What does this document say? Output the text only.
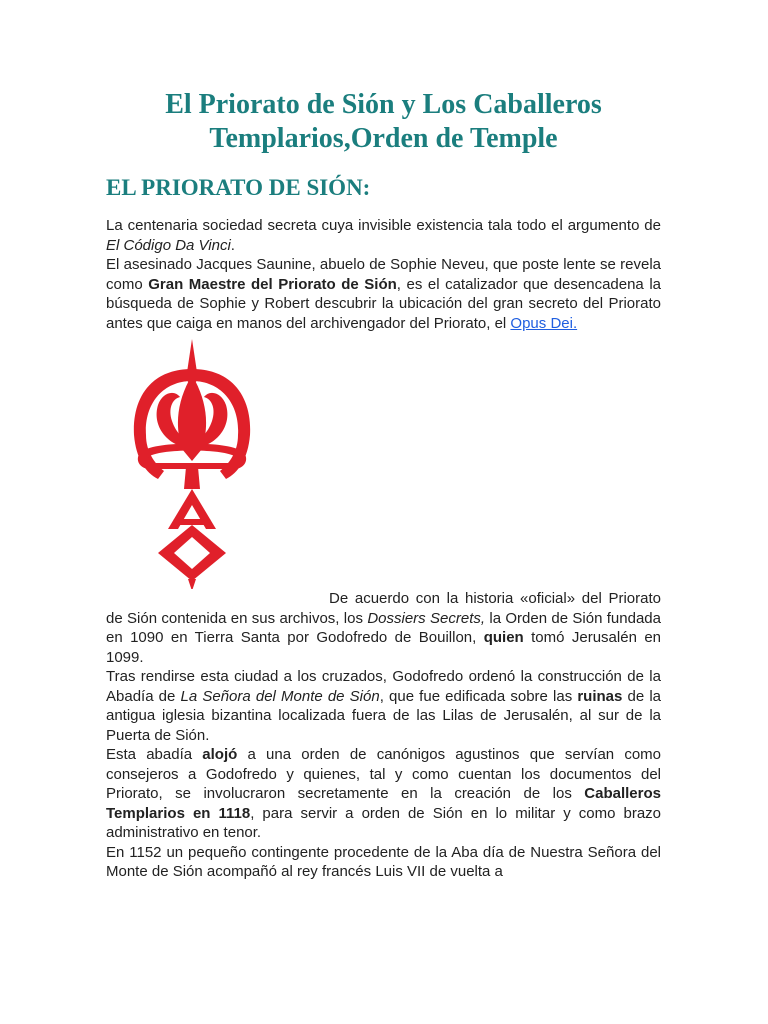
El Priorato de Sión y Los Caballeros Templarios,Orden de Temple
EL PRIORATO DE SIÓN:

La centenaria sociedad secreta cuya invisible existencia tala todo el argumento de El Código Da Vinci.

El asesinado Jacques Saunine, abuelo de Sophie Neveu, que poste lente se revela como Gran Maestre del Priorato de Sión, es el catalizador que desencadena la búsqueda de Sophie y Robert descubrir la ubicación del gran secreto del Priorato antes que caiga en manos del archivengador del Priorato, el Opus Dei.

De acuerdo con la historia «oficial» del Priorato de Sión contenida en sus archivos, los Dossiers Secrets, la Orden de Sión fundada en 1090 en Tierra Santa por Godofredo de Bouillon, quien tomó Jerusalén en 1099.

Tras rendirse esta ciudad a los cruzados, Godofredo ordenó la construcción de la Abadía de La Señora del Monte de Sión, que fue edificada sobre las ruinas de la antigua iglesia bizantina localizada fuera de las Lilas de Jerusalén, al sur de la Puerta de Sión.

Esta abadía alojó a una orden de canónigos agustinos que servían como consejeros a Godofredo y quienes, tal y como cuentan los documentos del Priorato, se involucraron secretamente en la creación de los Caballeros Templarios en 1118, para servir a orden de Sión en lo militar y como brazo administrativo en tenor.

En 1152 un pequeño contingente procedente de la Aba día de Nuestra Señora del Monte de Sión acompañó al rey francés Luis VII de vuelta a
